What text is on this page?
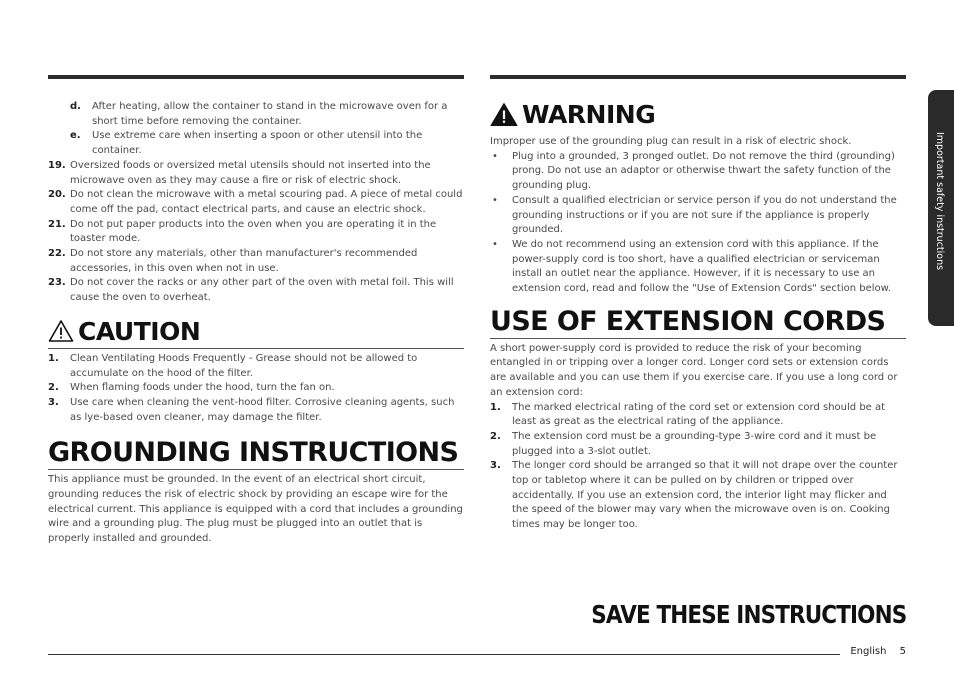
d.	After heating, allow the container to stand in the microwave oven for a short time before removing the container.
e.	Use extreme care when inserting a spoon or other utensil into the container.
19. Oversized foods or oversized metal utensils should not inserted into the microwave oven as they may cause a fire or risk of electric shock.
20. Do not clean the microwave with a metal scouring pad. A piece of metal could come off the pad, contact electrical parts, and cause an electric shock.
21. Do not put paper products into the oven when you are operating it in the toaster mode.
22. Do not store any materials, other than manufacturer's recommended accessories, in this oven when not in use.
23. Do not cover the racks or any other part of the oven with metal foil. This will cause the oven to overheat.
CAUTION
1.	Clean Ventilating Hoods Frequently - Grease should not be allowed to accumulate on the hood of the filter.
2.	When flaming foods under the hood, turn the fan on.
3.	Use care when cleaning the vent-hood filter. Corrosive cleaning agents, such as lye-based oven cleaner, may damage the filter.
GROUNDING INSTRUCTIONS

This appliance must be grounded. In the event of an electrical short circuit, grounding reduces the risk of electric shock by providing an escape wire for the electrical current. This appliance is equipped with a cord that includes a grounding wire and a grounding plug. The plug must be plugged into an outlet that is properly installed and grounded.

WARNING

Improper use of the grounding plug can result in a risk of electric shock.

•	Plug into a grounded, 3 pronged outlet. Do not remove the third (grounding) prong. Do not use an adaptor or otherwise thwart the safety function of the grounding plug.
•	Consult a qualified electrician or service person if you do not understand the grounding instructions or if you are not sure if the appliance is properly grounded.
•	We do not recommend using an extension cord with this appliance. If the power-supply cord is too short, have a qualified electrician or serviceman install an outlet near the appliance. However, if it is necessary to use an extension cord, read and follow the "Use of Extension Cords" section below.
USE OF EXTENSION CORDS

A short power-supply cord is provided to reduce the risk of your becoming entangled in or tripping over a longer cord. Longer cord sets or extension cords are available and you can use them if you exercise care. If you use a long cord or an extension cord:

1.	The marked electrical rating of the cord set or extension cord should be at least as great as the electrical rating of the appliance.
2.	The extension cord must be a grounding-type 3-wire cord and it must be plugged into a 3-slot outlet.
3.	The longer cord should be arranged so that it will not drape over the counter top or tabletop where it can be pulled on by children or tripped over accidentally. If you use an extension cord, the interior light may flicker and the speed of the blower may vary when the microwave oven is on. Cooking times may be longer too.
Important safety instructions
SAVE THESE INSTRUCTIONS
English 5
